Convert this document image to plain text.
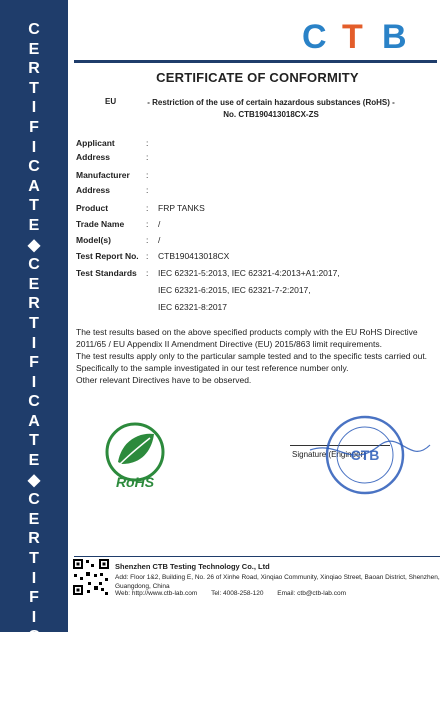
C
E
R
T
I
F
I
C
A
T
E
◆
C
E
R
T
I
F
I
C
A
T
E
◆
C
E
R
T
I
F
I
C
A
T
E
C T B
CERTIFICATE OF CONFORMITY
EU	- Restriction of the use of certain hazardous substances (RoHS) -
No. CTB190413018CX-ZS
Applicant	:
Address	:
Manufacturer :
Address	:
Product	: FRP TANKS
Trade Name	: /
Model(s)	: /
Test Report No. : CTB190413018CX
Test Standards : IEC 62321-5:2013, IEC 62321-4:2013+A1:2017,
IEC 62321-6:2015, IEC 62321-7-2:2017,
IEC 62321-8:2017
The test results based on the above specified products comply with the EU RoHS Directive 2011/65 / EU Appendix II Amendment Directive (EU) 2015/863 limit requirements.
The test results apply only to the particular sample tested and to the specific tests carried out. Specifically to the sample investigated in our test reference number only.
Other relevant Directives have to be observed.
RoHS
Signature (Engineer)
CTB
Shenzhen CTB Testing Technology Co., Ltd
Add: Floor 1&2, Building E, No. 26 of Xinhe Road, Xinqiao Community, Xinqiao Street, Baoan District, Shenzhen, Guangdong, China
Web: http://www.ctb-lab.com Tel: 4008-258-120 Email: ctb@ctb-lab.com
